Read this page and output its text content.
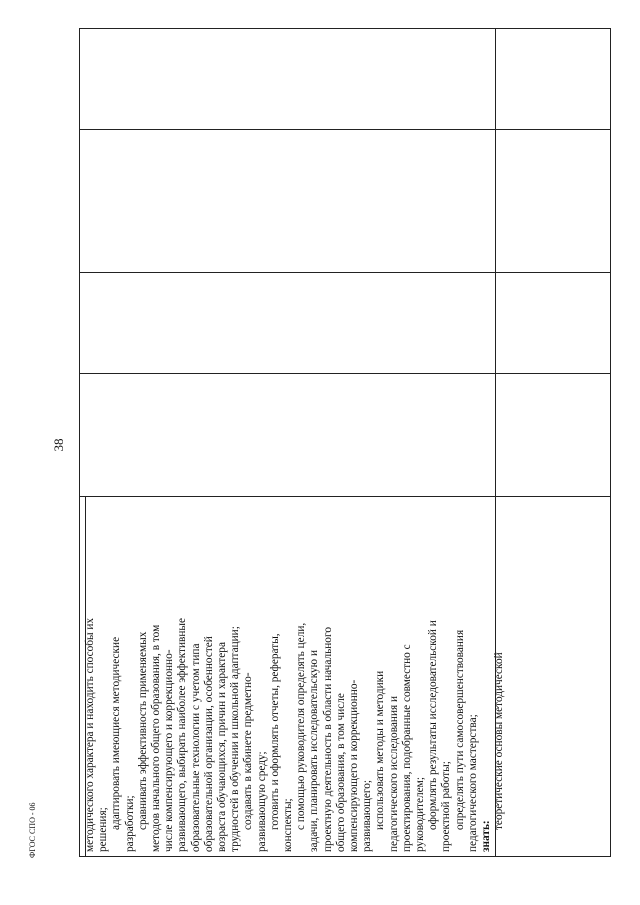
38
методического характера и находить способы их решения; адаптировать имеющиеся методические разработки; сравнивать эффективность применяемых методов начального общего образования, в том числе компенсирующего и коррекционно- развивающего, выбирать наиболее эффективные образовательные технологии с учетом типа образовательной организации, особенностей возраста обучающихся, причин и характера трудностей в обучении и школьной адаптации; создавать в кабинете предметно- развивающую среду; готовить и оформлять отчеты, рефераты, конспекты; с помощью руководителя определять цели, задачи, планировать исследовательскую и проектную деятельность в области начального общего образования, в том числе компенсирующего и коррекционно- развивающего; использовать методы и методики педагогического исследования и проектирования, подобранные совместно с руководителем; оформлять результаты исследовательской и проектной работы; определять пути самосовершенствования педагогического мастерства; знать:
теоретические основы методической
ФГОС СПО - 06
